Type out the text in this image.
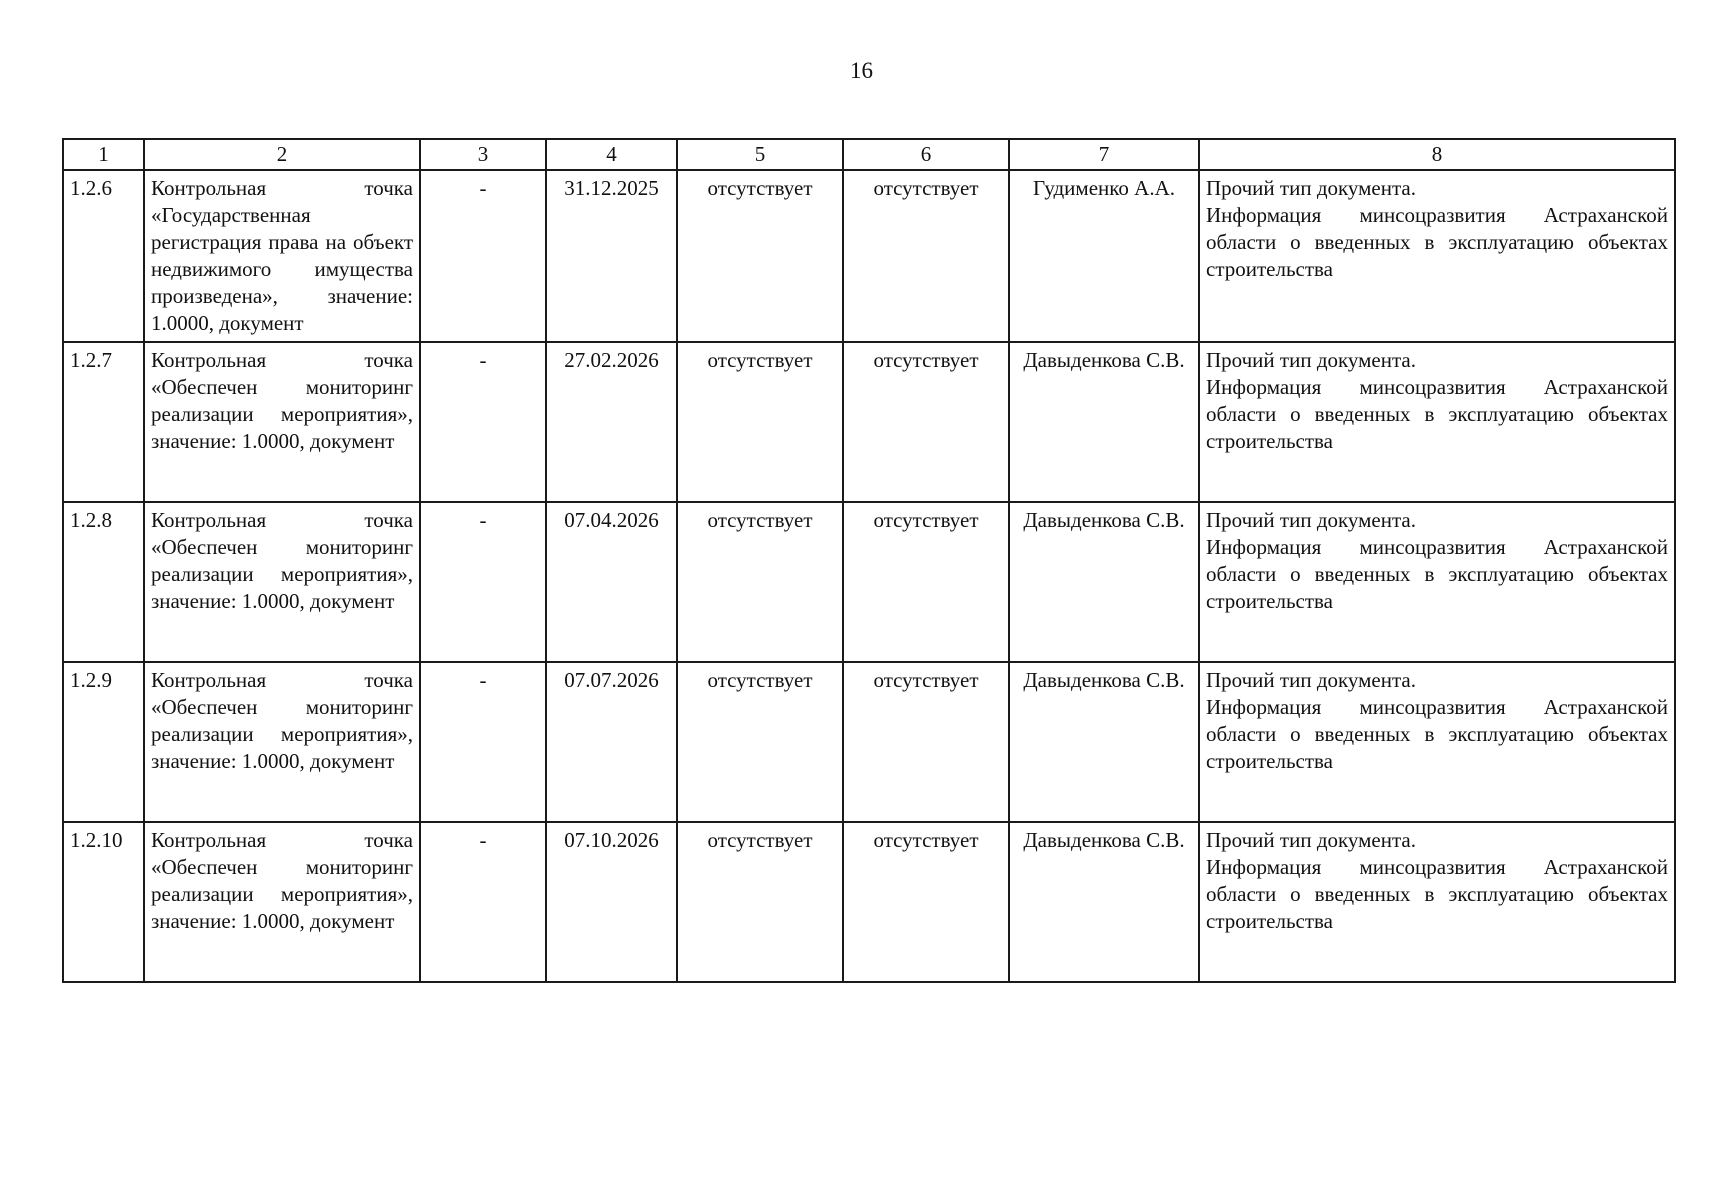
16
1	2	3	4	5	6	7	8
1.2.6	Контрольная точка «Государственная регистрация права на объект недвижимого имущества произведена», значение: 1.0000, документ	-	31.12.2025	отсутствует	отсутствует	Гудименко А.А.	Прочий тип документа.
Информация минсоцразвития Астраханской области о введенных в эксплуатацию объектах строительства

1.2.7	Контрольная точка «Обеспечен мониторинг реализации мероприятия», значение: 1.0000, документ	-	27.02.2026	отсутствует	отсутствует	Давыденкова С.В.	Прочий тип документа.
Информация минсоцразвития Астраханской области о введенных в эксплуатацию объектах строительства

1.2.8	Контрольная точка «Обеспечен мониторинг реализации мероприятия», значение: 1.0000, документ	-	07.04.2026	отсутствует	отсутствует	Давыденкова С.В.	Прочий тип документа.
Информация минсоцразвития Астраханской области о введенных в эксплуатацию объектах строительства

1.2.9	Контрольная точка «Обеспечен мониторинг реализации мероприятия», значение: 1.0000, документ	-	07.07.2026	отсутствует	отсутствует	Давыденкова С.В.	Прочий тип документа.
Информация минсоцразвития Астраханской области о введенных в эксплуатацию объектах строительства

1.2.10	Контрольная точка «Обеспечен мониторинг реализации мероприятия», значение: 1.0000, документ	-	07.10.2026	отсутствует	отсутствует	Давыденкова С.В.	Прочий тип документа.
Информация минсоцразвития Астраханской области о введенных в эксплуатацию объектах строительства
